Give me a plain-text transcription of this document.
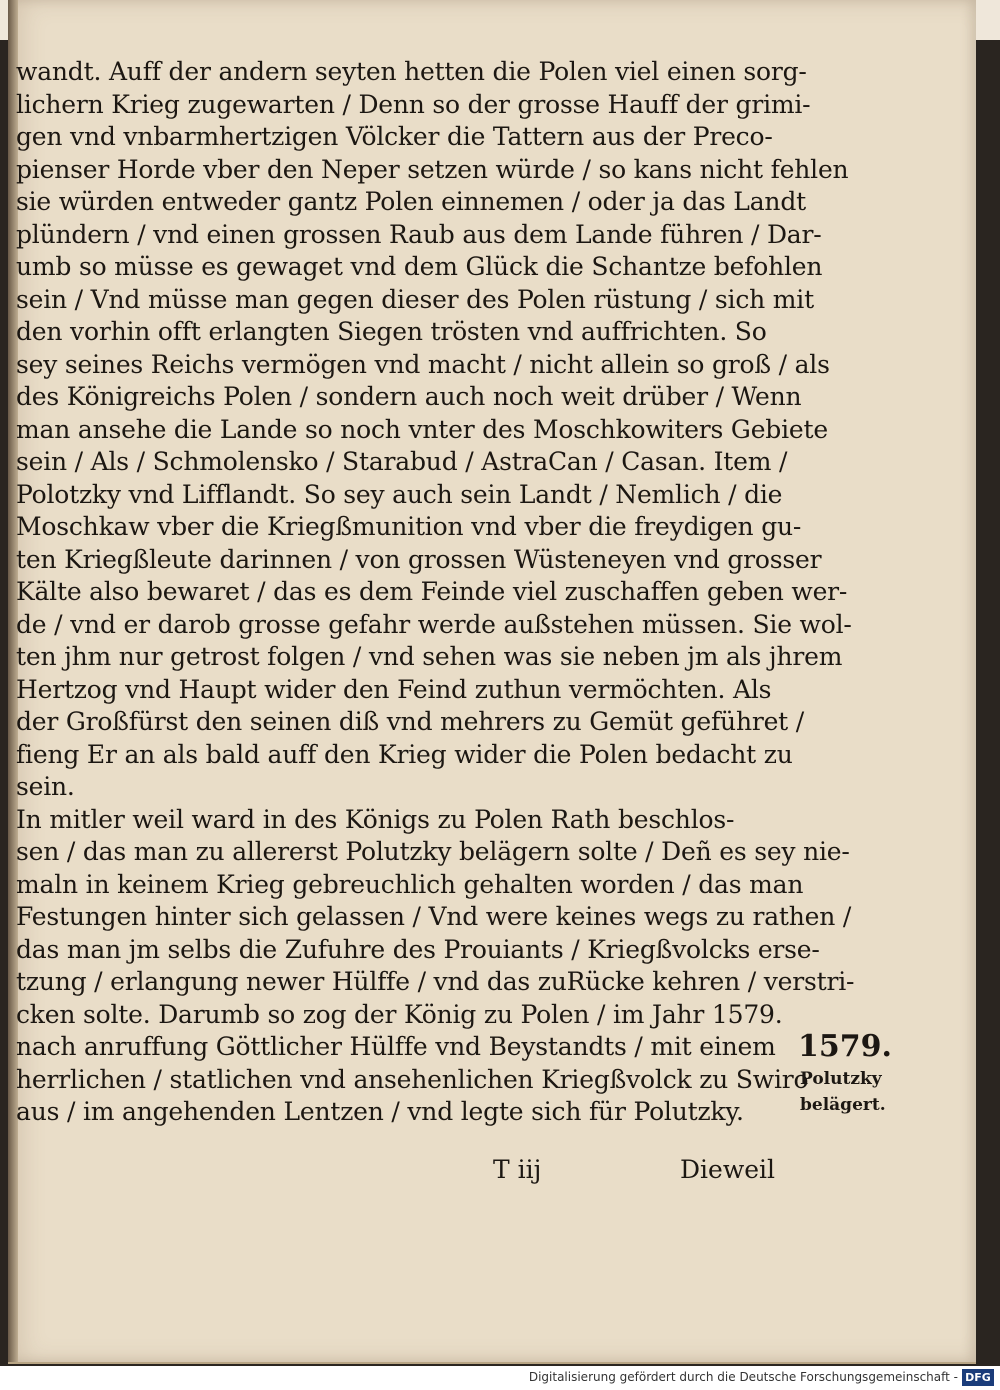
wandt. Auff der andern seyten hetten die Polen viel einen sorg-
lichern Krieg zugewarten / Denn so der grosse Hauff der grimi-
gen vnd vnbarmhertzigen Völcker die Tattern aus der Preco-
pienser Horde vber den Neper setzen würde / so kans nicht fehlen
sie würden entweder gantz Polen einnemen / oder ja das Landt
plündern / vnd einen grossen Raub aus dem Lande führen / Dar-
umb so müsse es gewaget vnd dem Glück die Schantze befohlen
sein / Vnd müsse man gegen dieser des Polen rüstung / sich mit
den vorhin offt erlangten Siegen trösten vnd auffrichten. So
sey seines Reichs vermögen vnd macht / nicht allein so groß / als
des Königreichs Polen / sondern auch noch weit drüber / Wenn
man ansehe die Lande so noch vnter des Moschkowiters Gebiete
sein / Als / Schmolensko / Starabud / AstraCan / Casan. Item /
Polotzky vnd Lifflandt. So sey auch sein Landt / Nemlich / die
Moschkaw vber die Kriegßmunition vnd vber die freydigen gu-
ten Kriegßleute darinnen / von grossen Wüsteneyen vnd grosser
Kälte also bewaret / das es dem Feinde viel zuschaffen geben wer-
de / vnd er darob grosse gefahr werde außstehen müssen. Sie wol-
ten jhm nur getrost folgen / vnd sehen was sie neben jm als jhrem
Hertzog vnd Haupt wider den Feind zuthun vermöchten. Als
der Großfürst den seinen diß vnd mehrers zu Gemüt geführet /
fieng Er an als bald auff den Krieg wider die Polen bedacht zu
sein.
In mitler weil ward in des Königs zu Polen Rath beschlos-
sen / das man zu allererst Polutzky belägern solte / Deñ es sey nie-
maln in keinem Krieg gebreuchlich gehalten worden / das man
Festungen hinter sich gelassen / Vnd were keines wegs zu rathen /
das man jm selbs die Zufuhre des Prouiants / Kriegßvolcks erse-
tzung / erlangung newer Hülffe / vnd das zuRücke kehren / verstri-
cken solte. Darumb so zog der König zu Polen / im Jahr 1579.
nach anruffung Göttlicher Hülffe vnd Beystandts / mit einem
herrlichen / statlichen vnd ansehenlichen Kriegßvolck zu Swiro
aus / im angehenden Lentzen / vnd legte sich für Polutzky.
1579.
Polutzky
belägert.
T iij	Dieweil
Digitalisierung gefördert durch die Deutsche Forschungsgemeinschaft - DFG
